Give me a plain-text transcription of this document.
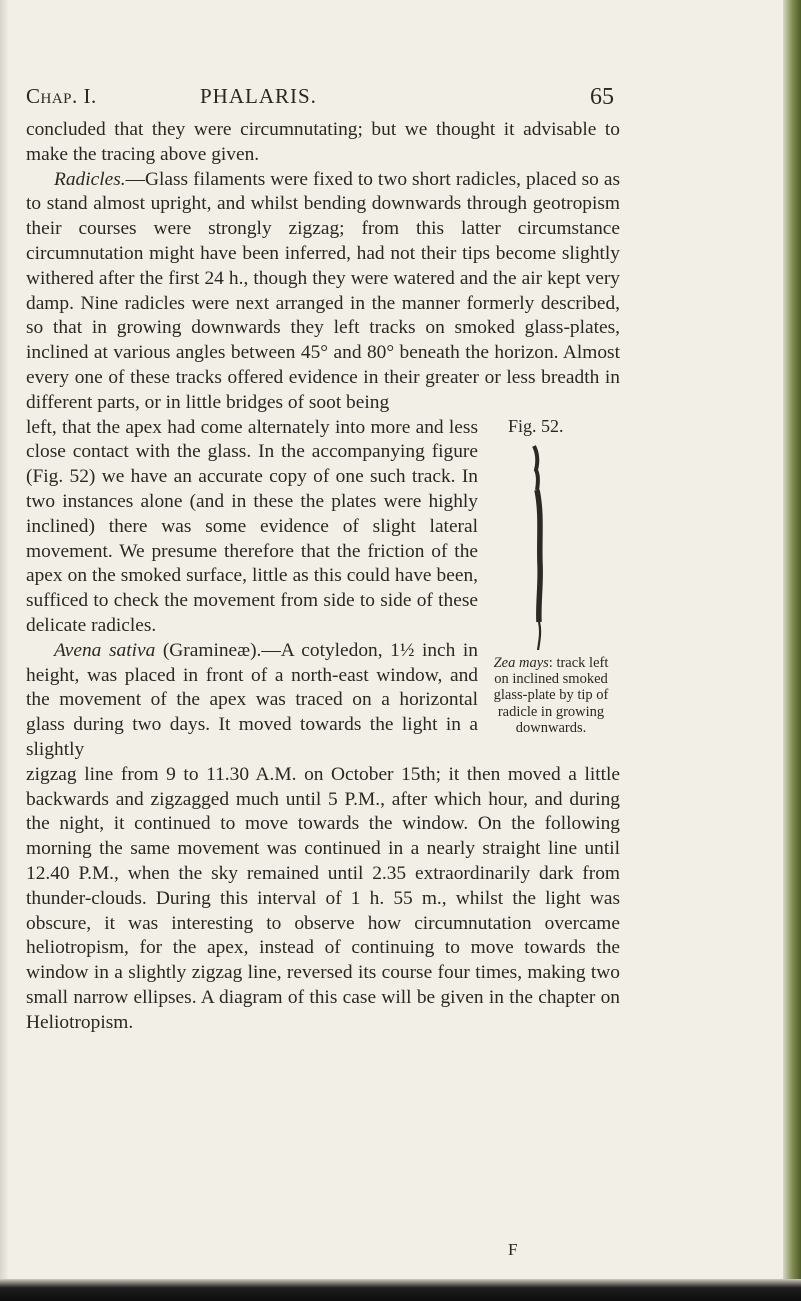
Chap. I.	PHALARIS.	65

concluded that they were circumnutating; but we thought it advisable to make the tracing above given.

Radicles.—Glass filaments were fixed to two short radicles, placed so as to stand almost upright, and whilst bending downwards through geotropism their courses were strongly zigzag; from this latter circumstance circumnutation might have been inferred, had not their tips become slightly withered after the first 24 h., though they were watered and the air kept very damp. Nine radicles were next arranged in the manner formerly described, so that in growing downwards they left tracks on smoked glass-plates, inclined at various angles between 45° and 80° beneath the horizon. Almost every one of these tracks offered evidence in their greater or less breadth in different parts, or in little bridges of soot being

left, that the apex had come alternately into more and less close contact with the glass. In the accompanying figure (Fig. 52) we have an accurate copy of one such track. In two instances alone (and in these the plates were highly inclined) there was some evidence of slight lateral movement. We presume therefore that the friction of the apex on the smoked surface, little as this could have been, sufficed to check the movement from side to side of these delicate radicles.

Avena sativa (Gramineæ).—A cotyledon, 1½ inch in height, was placed in front of a north-east window, and the movement of the apex was traced on a horizontal glass during two days. It moved towards the light in a slightly

zigzag line from 9 to 11.30 A.M. on October 15th; it then moved a little backwards and zigzagged much until 5 P.M., after which hour, and during the night, it continued to move towards the window. On the following morning the same movement was continued in a nearly straight line until 12.40 P.M., when the sky remained until 2.35 extraordinarily dark from thunder-clouds. During this interval of 1 h. 55 m., whilst the light was obscure, it was interesting to observe how circumnutation overcame heliotropism, for the apex, instead of continuing to move towards the window in a slightly zigzag line, reversed its course four times, making two small narrow ellipses. A diagram of this case will be given in the chapter on Heliotropism.

Fig. 52.
Zea mays: track left on inclined smoked glass-plate by tip of radicle in growing downwards.
F
